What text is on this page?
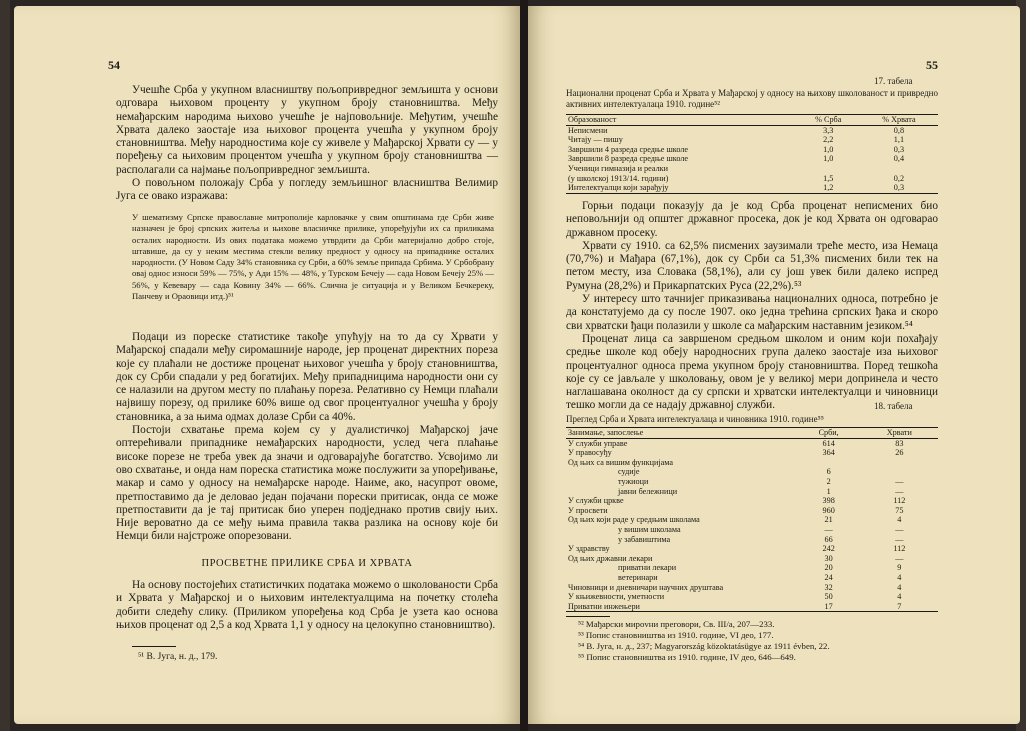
54

Учешће Срба у укупном власништву пољопривредног земљишта у основи одговара њиховом проценту у укупном броју становништва. Међу немађарским народима њихово учешће је најповољније. Међутим, учешће Хрвата далеко заостаје иза њиховог процента учешћа у укупном броју становништва. Међу народностима које су живеле у Мађарској Хрвати су — у поређењу са њиховим процентом учешћа у укупном броју становништва — располагали са најмање пољопривредног земљишта.

О повољном положају Срба у погледу земљишног власништва Велимир Југа се овако изражава:

У шематизму Српске православне митрополије карловачке у свим општинама где Срби живе назначен је број српских житеља и њихове власничке прилике, упоређујући их са приликама осталих народности. Из ових података можемо утврдити да Срби материјално добро стоје, штавише, да су у неким местима стекли велику предност у односу на припаднике осталих народности. (У Новом Саду 34% становника су Срби, а 60% земље припада Србима. У Србобрану овај однос износи 59% — 75%, у Ади 15% — 48%, у Турском Бечеју — сада Новом Бечеју 25% — 56%, у Кевевару — сада Ковину 34% — 66%. Слична је ситуација и у Великом Бечкереку, Панчеву и Ораовици итд.)⁵¹

Подаци из пореске статистике такође упућују на то да су Хрвати у Мађарској спадали међу сиромашније народе, јер проценат директних пореза које су плаћали не достиже проценат њиховог учешћа у броју становништва, док су Срби спадали у ред богатијих. Међу припадницима народности они су се налазили на другом месту по плаћању пореза. Релативно су Немци плаћали највишу порезу, од прилике 60% више од свог процентуалног учешћа у броју становника, а за њима одмах долазе Срби са 40%.

Постоји схватање према којем су у дуалистичкој Мађарској јаче оптерећивали припаднике немађарских народности, услед чега плаћање високе порезе не треба увек да значи и одговарајуће богатство. Усвојимо ли ово схватање, и онда нам пореска статистика може послужити за упоређивање, макар и само у односу на немађарске народе. Наиме, ако, насупрот овоме, претпоставимо да је деловао један појачани порески притисак, онда се може претпоставити да је тај притисак био уперен подједнако против свију њих. Није вероватно да се међу њима правила таква разлика на основу које би Немци били најстроже опорезовани.

ПРОСВЕТНЕ ПРИЛИКЕ СРБА И ХРВАТА

На основу постојећих статистичких података можемо о школованости Срба и Хрвата у Мађарској и о њиховим интелектуалцима на почетку столећа добити следећу слику. (Приликом упоређења код Срба је узета као основа њихов проценат од 2,5 а код Хрвата 1,1 у односу на целокупно становништво).

⁵¹ В. Југа, н. д., 179.
55
17. табела
Национални проценат Срба и Хрвата у Мађарској у односу на њихову школованост и привредно активних интелектуалаца 1910. године⁵²
Образованост	% Срба	% Хрвата
Неписмени	3,3	0,8
Читају — пишу	2,2	1,1
Завршили 4 разреда средње школе	1,0	0,3
Завршили 8 разреда средње школе	1,0	0,4
Ученици гимназија и реалки		
(у школској 1913/14. години)	1,5	0,2
Интелектуалци који зарађују	1,2	0,3

Горњи подаци показују да је код Срба проценат неписмених био неповољнији од општег државног просека, док је код Хрвата он одговарао државном просеку.

Хрвати су 1910. са 62,5% писмених заузимали треће место, иза Немаца (70,7%) и Мађара (67,1%), док су Срби са 51,3% писмених били тек на петом месту, иза Словака (58,1%), али су још увек били далеко испред Румуна (28,2%) и Прикарпатских Руса (22,2%).⁵³

У интересу што тачнијег приказивања националних односа, потребно је да констатујемо да су после 1907. око једна трећина српских ђака и скоро сви хрватски ђаци полазили у школе са мађарским наставним језиком.⁵⁴

Проценат лица са завршеном средњом школом и оним који похађају средње школе код обеју народносних група далеко заостаје иза њиховог процентуалног односа према укупном броју становништва. Поред тешкоћа које су се јављале у школовању, овом је у великој мери допринела и често наглашавана околност да су српски и хрватски интелектуалци и чиновници тешко могли да се надају државној служби.	18. табела
Преглед Срба и Хрвата интелектуалаца и чиновника 1910. године⁵⁵
Занимање, запослење	Срби,	Хрвати
У служби управе	614	83
У правосуђу	364	26
Од њих са вишим функцијама		
судије	6	
тужиоци	2	—
јавни бележници	1	—
У служби цркве	398	112
У просвети	960	75
Од њих који раде у средњим школама	21	4
у вишим школама	—	—
у забавиштима	66	—
У здравству	242	112
Од њих државни лекари	30	—
приватни лекари	20	9
ветеринари	24	4
Чиновници и дневничари научних друштава	32	4
У књижевности, уметности	50	4
Приватни инжењери	17	7
⁵² Мађарски мирovни преговори, Св. III/а, 207—233.
⁵³ Попис становништва из 1910. године, VI део, 177.
⁵⁴ В. Југа, н. д., 237; Magyarország közoktatásügye az 1911 évben, 22.
⁵⁵ Попис становништва из 1910. године, IV део, 646—649.
